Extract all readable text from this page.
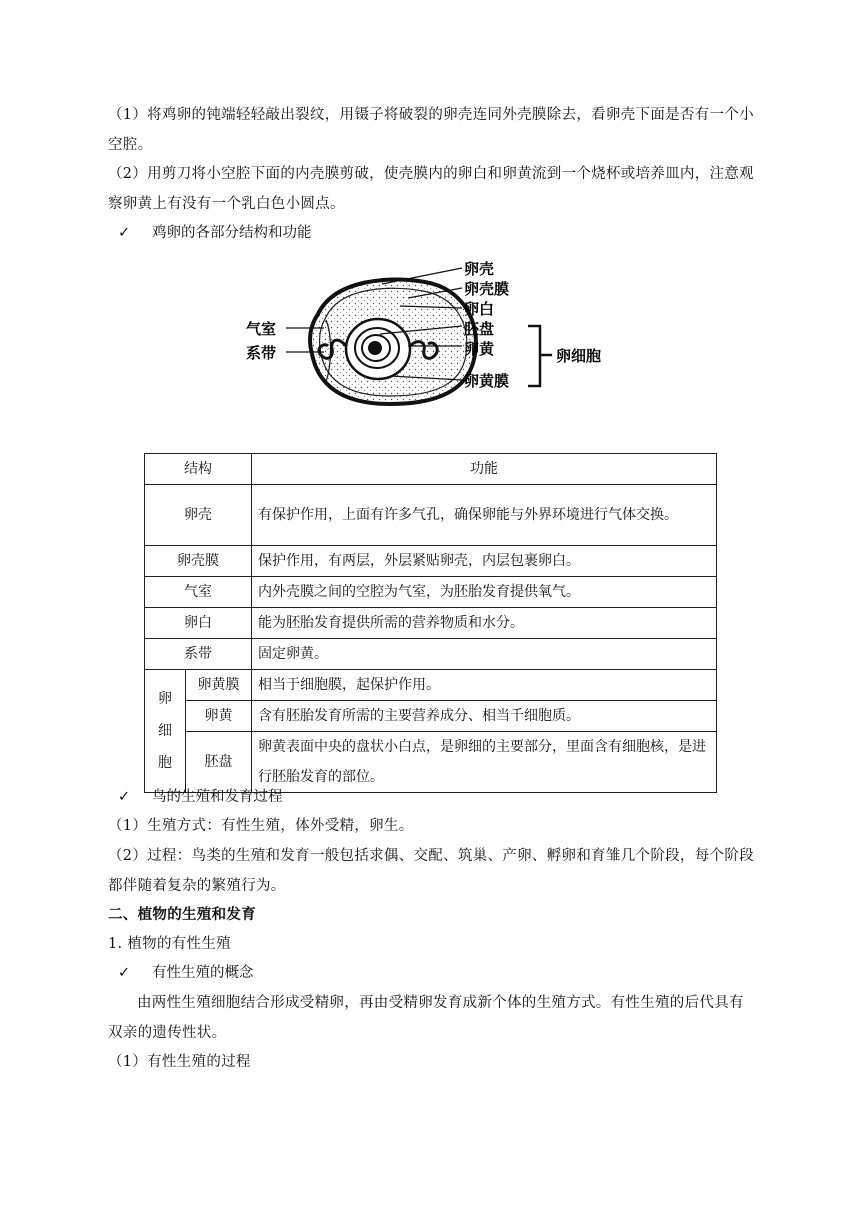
（1）将鸡卵的钝端轻轻敲出裂纹，用镊子将破裂的卵壳连同外壳膜除去，看卵壳下面是否有一个小空腔。
（2）用剪刀将小空腔下面的内壳膜剪破，使壳膜内的卵白和卵黄流到一个烧杯或培养皿内，注意观察卵黄上有没有一个乳白色小圆点。
✓ 鸡卵的各部分结构和功能
卵壳
卵壳膜
卵白
胚盘
卵黄
卵黄膜
气室
系带	卵细胞
结构		功能
卵壳		有保护作用，上面有许多气孔，确保卵能与外界环境进行气体交换。
卵壳膜		保护作用，有两层，外层紧贴卵壳，内层包裹卵白。
气室		内外壳膜之间的空腔为气室，为胚胎发育提供氧气。
卵白		能为胚胎发育提供所需的营养物质和水分。
系带		固定卵黄。

卵
细
胞	卵黄膜	相当于细胞膜，起保护作用。
	卵黄	含有胚胎发育所需的主要营养成分、相当千细胞质。
	胚盘	卵黄表面中央的盘状小白点，是卵细的主要部分，里面含有细胞核，是进行胚胎发育的部位。
✓ 鸟的生殖和发育过程
（1）生殖方式：有性生殖，体外受精，卵生。
（2）过程：鸟类的生殖和发育一般包括求偶、交配、筑巢、产卵、孵卵和育雏几个阶段，每个阶段都伴随着复杂的繁殖行为。
二、植物的生殖和发育
1. 植物的有性生殖
✓ 有性生殖的概念
由两性生殖细胞结合形成受精卵，再由受精卵发育成新个体的生殖方式。有性生殖的后代具有双亲的遗传性状。
（1）有性生殖的过程
